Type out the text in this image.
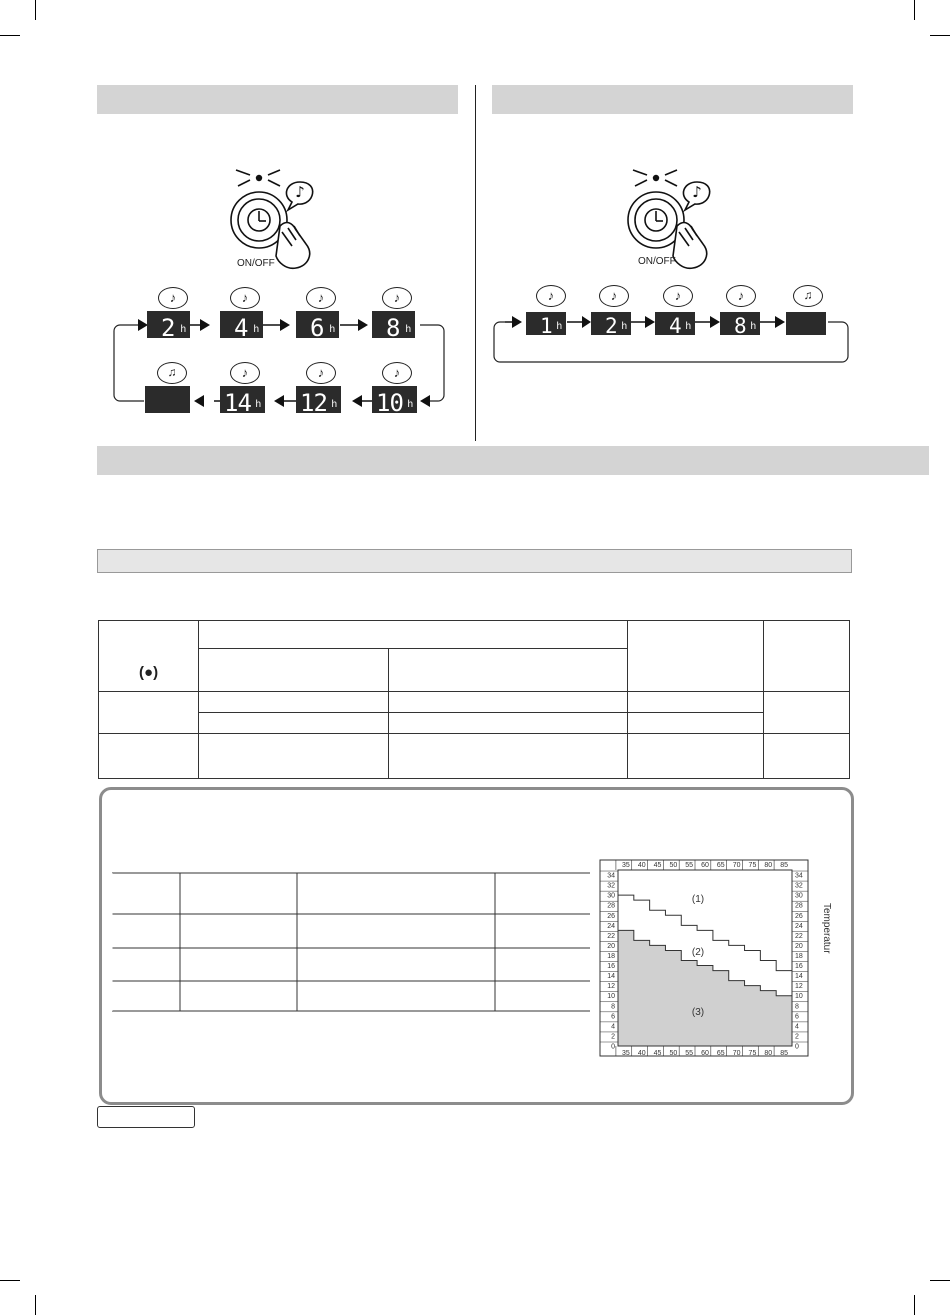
♪
ON/OFF
♪
ON/OFF
♪
2 h
♪
4 h
♪
6 h
♪
8 h
♫	♪
14 h
♪
12 h
♪
10 h
♪
1 h
♪
2 h
♪
4 h
♪
8 h
♫
(●)				

35
35
40
40
45
45
50
50
55
55
60
60
65
65
70
70
75
75
80
80
85
85
34	34
32	32
30	30
28	28
26	26
24	24
22	22
20	20
18	18
16	16
14	14
12	12
10	10
8	8
6	6
4	4
2	2
0	0
(1)
(2)
(3)
Temperatur
